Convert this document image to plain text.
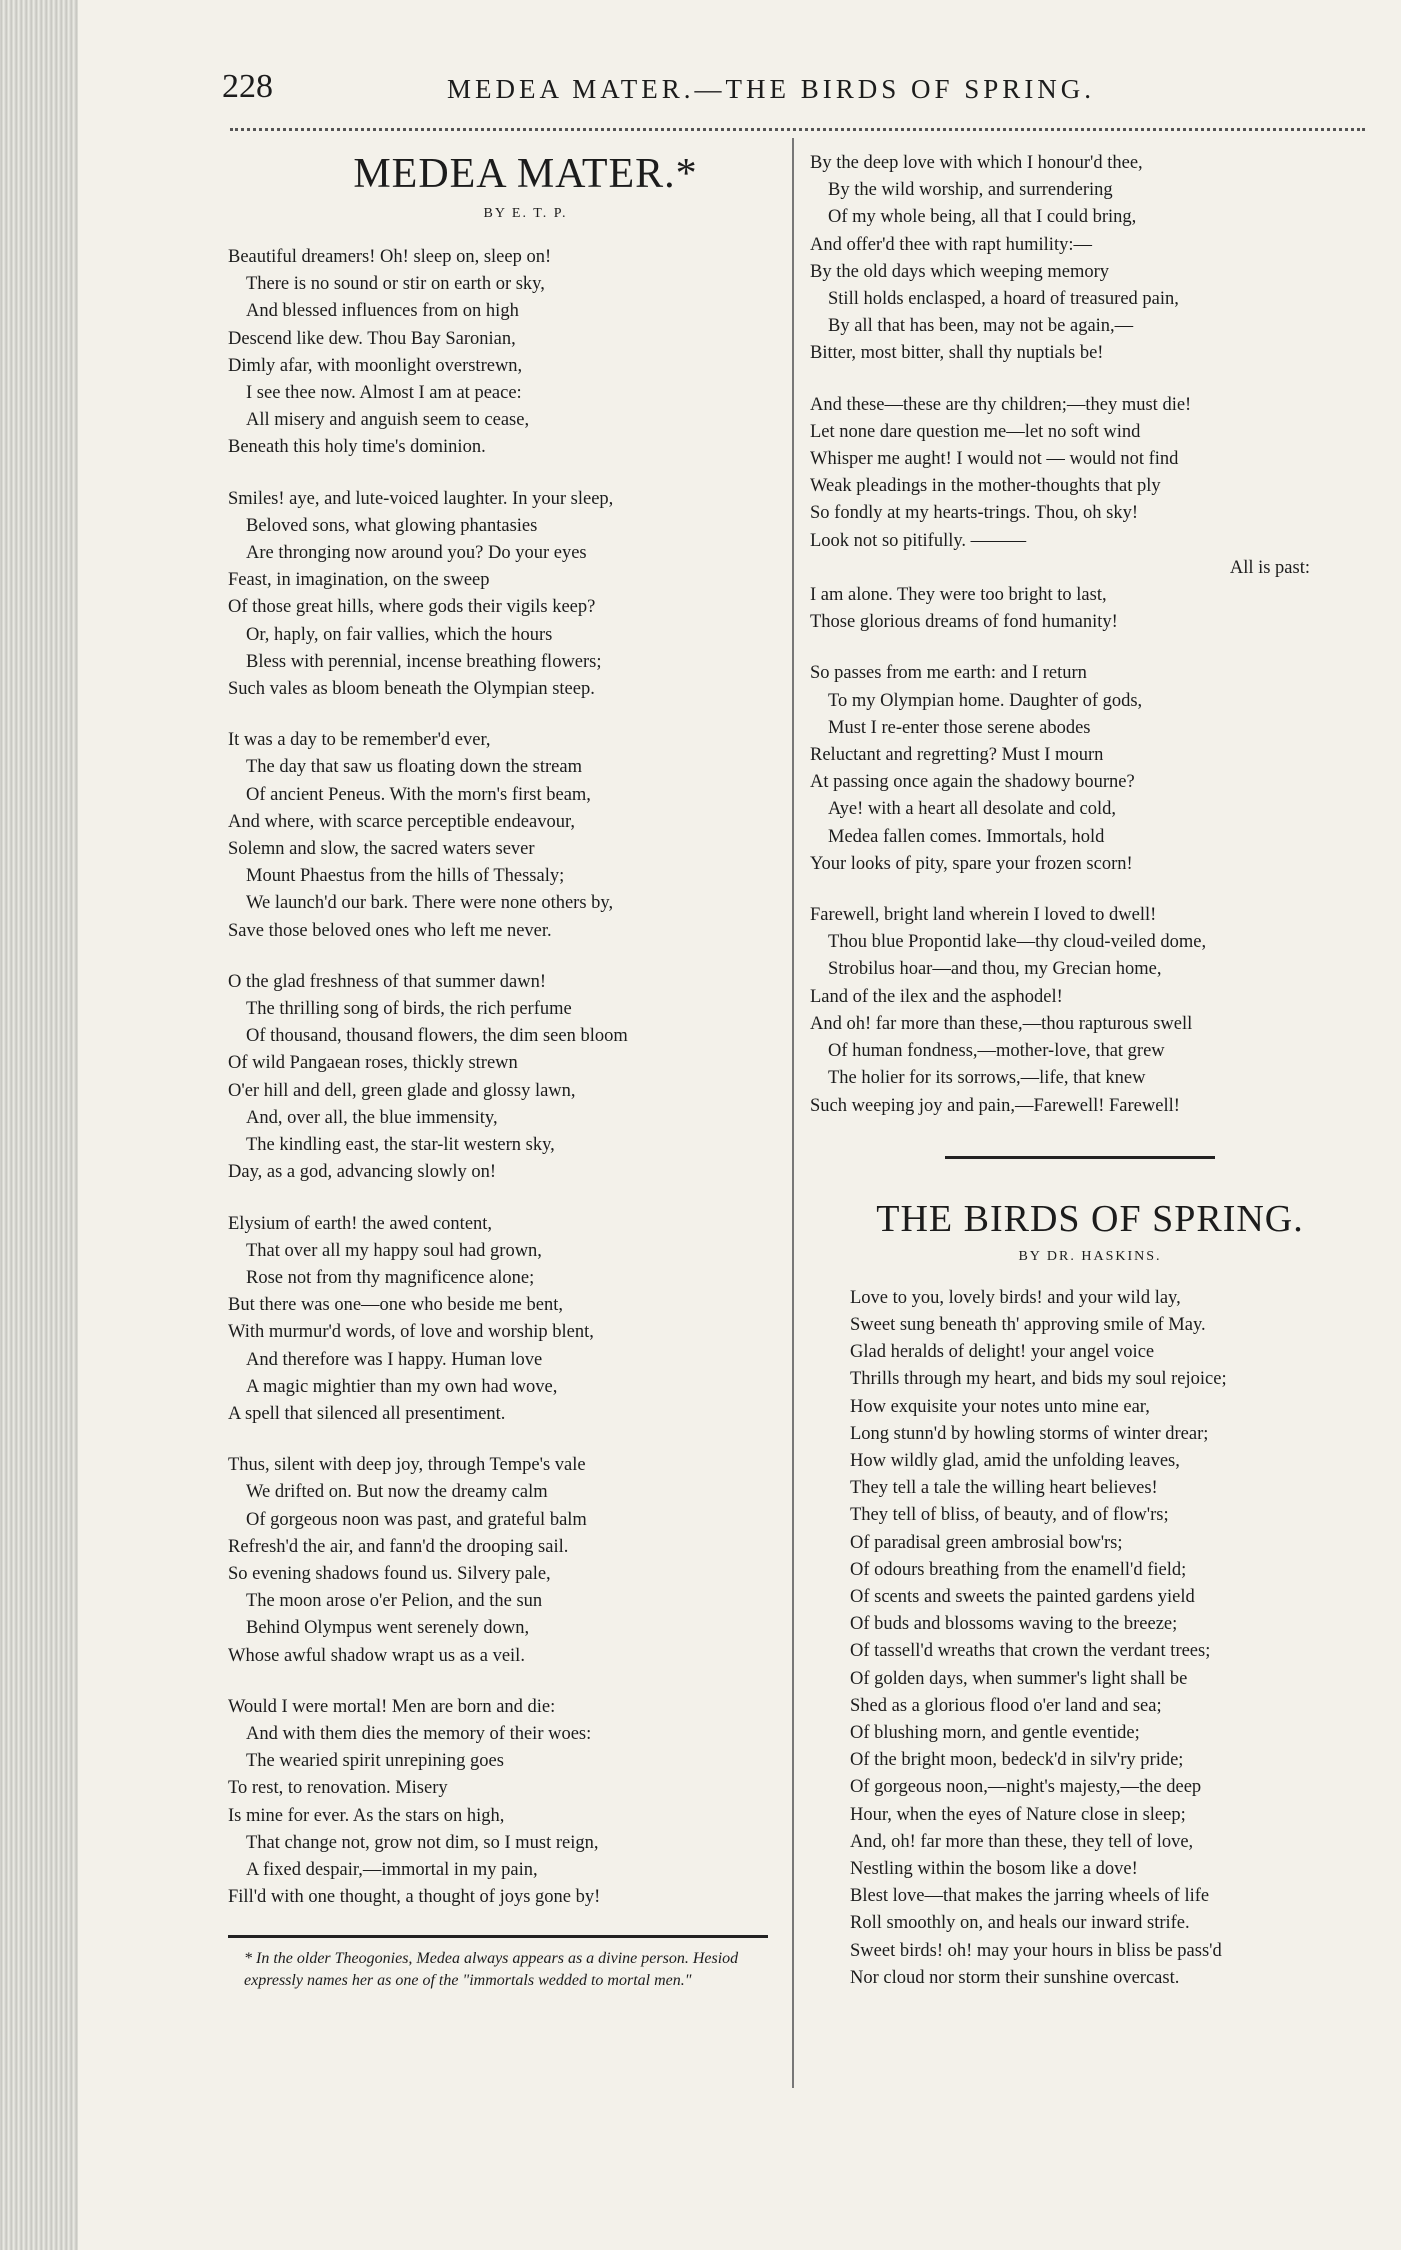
228	MEDEA MATER.—THE BIRDS OF SPRING.
MEDEA MATER.*
BY E. T. P.
Beautiful dreamers! Oh! sleep on, sleep on!
There is no sound or stir on earth or sky,
And blessed influences from on high
Descend like dew. Thou Bay Saronian,
Dimly afar, with moonlight overstrewn,
I see thee now. Almost I am at peace:
All misery and anguish seem to cease,
Beneath this holy time's dominion.
Smiles! aye, and lute-voiced laughter. In your sleep,
Beloved sons, what glowing phantasies
Are thronging now around you? Do your eyes
Feast, in imagination, on the sweep
Of those great hills, where gods their vigils keep?
Or, haply, on fair vallies, which the hours
Bless with perennial, incense breathing flowers;
Such vales as bloom beneath the Olympian steep.
It was a day to be remember'd ever,
The day that saw us floating down the stream
Of ancient Peneus. With the morn's first beam,
And where, with scarce perceptible endeavour,
Solemn and slow, the sacred waters sever
Mount Phaestus from the hills of Thessaly;
We launch'd our bark. There were none others by,
Save those beloved ones who left me never.
O the glad freshness of that summer dawn!
The thrilling song of birds, the rich perfume
Of thousand, thousand flowers, the dim seen bloom
Of wild Pangaean roses, thickly strewn
O'er hill and dell, green glade and glossy lawn,
And, over all, the blue immensity,
The kindling east, the star-lit western sky,
Day, as a god, advancing slowly on!
Elysium of earth! the awed content,
That over all my happy soul had grown,
Rose not from thy magnificence alone;
But there was one—one who beside me bent,
With murmur'd words, of love and worship blent,
And therefore was I happy. Human love
A magic mightier than my own had wove,
A spell that silenced all presentiment.
Thus, silent with deep joy, through Tempe's vale
We drifted on. But now the dreamy calm
Of gorgeous noon was past, and grateful balm
Refresh'd the air, and fann'd the drooping sail.
So evening shadows found us. Silvery pale,
The moon arose o'er Pelion, and the sun
Behind Olympus went serenely down,
Whose awful shadow wrapt us as a veil.
Would I were mortal! Men are born and die:
And with them dies the memory of their woes:
The wearied spirit unrepining goes
To rest, to renovation. Misery
Is mine for ever. As the stars on high,
That change not, grow not dim, so I must reign,
A fixed despair,—immortal in my pain,
Fill'd with one thought, a thought of joys gone by!
* In the older Theogonies, Medea always appears as a divine person. Hesiod expressly names her as one of the "immortals wedded to mortal men."
By the deep love with which I honour'd thee,
By the wild worship, and surrendering
Of my whole being, all that I could bring,
And offer'd thee with rapt humility:—
By the old days which weeping memory
Still holds enclasped, a hoard of treasured pain,
By all that has been, may not be again,—
Bitter, most bitter, shall thy nuptials be!
And these—these are thy children;—they must die!
Let none dare question me—let no soft wind
Whisper me aught! I would not — would not find
Weak pleadings in the mother-thoughts that ply
So fondly at my hearts-trings. Thou, oh sky!
Look not so pitifully. ———
All is past:
I am alone. They were too bright to last,
Those glorious dreams of fond humanity!
So passes from me earth: and I return
To my Olympian home. Daughter of gods,
Must I re-enter those serene abodes
Reluctant and regretting? Must I mourn
At passing once again the shadowy bourne?
Aye! with a heart all desolate and cold,
Medea fallen comes. Immortals, hold
Your looks of pity, spare your frozen scorn!
Farewell, bright land wherein I loved to dwell!
Thou blue Propontid lake—thy cloud-veiled dome,
Strobilus hoar—and thou, my Grecian home,
Land of the ilex and the asphodel!
And oh! far more than these,—thou rapturous swell
Of human fondness,—mother-love, that grew
The holier for its sorrows,—life, that knew
Such weeping joy and pain,—Farewell! Farewell!
THE BIRDS OF SPRING.
BY DR. HASKINS.
Love to you, lovely birds! and your wild lay,
Sweet sung beneath th' approving smile of May.
Glad heralds of delight! your angel voice
Thrills through my heart, and bids my soul rejoice;
How exquisite your notes unto mine ear,
Long stunn'd by howling storms of winter drear;
How wildly glad, amid the unfolding leaves,
They tell a tale the willing heart believes!
They tell of bliss, of beauty, and of flow'rs;
Of paradisal green ambrosial bow'rs;
Of odours breathing from the enamell'd field;
Of scents and sweets the painted gardens yield
Of buds and blossoms waving to the breeze;
Of tassell'd wreaths that crown the verdant trees;
Of golden days, when summer's light shall be
Shed as a glorious flood o'er land and sea;
Of blushing morn, and gentle eventide;
Of the bright moon, bedeck'd in silv'ry pride;
Of gorgeous noon,—night's majesty,—the deep
Hour, when the eyes of Nature close in sleep;
And, oh! far more than these, they tell of love,
Nestling within the bosom like a dove!
Blest love—that makes the jarring wheels of life
Roll smoothly on, and heals our inward strife.
Sweet birds! oh! may your hours in bliss be pass'd
Nor cloud nor storm their sunshine overcast.
